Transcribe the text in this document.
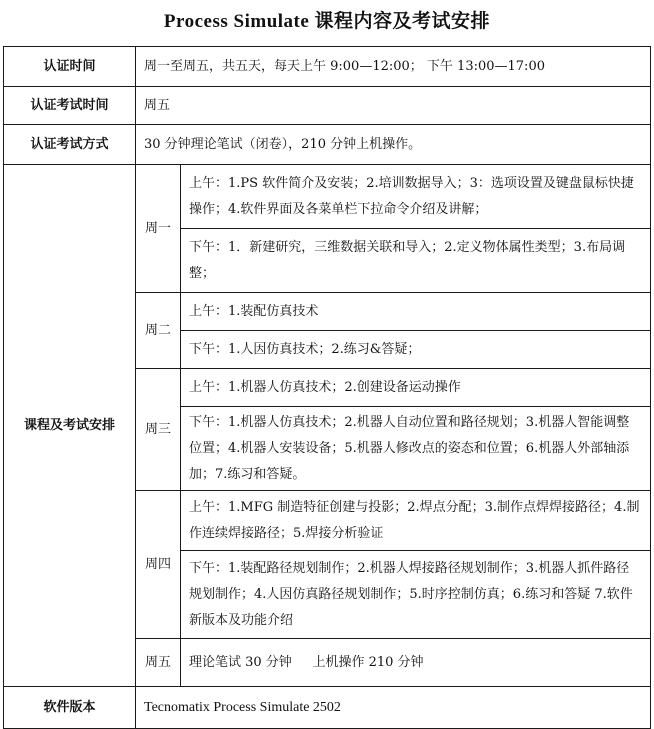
Process Simulate 课程内容及考试安排
认证时间	周一至周五，共五天，每天上午 9:00—12:00； 下午 13:00—17:00	
认证考试时间	周五	
认证考试方式	30 分钟理论笔试（闭卷），210 分钟上机操作。	
课程及考试安排	周一	上午：1.PS 软件简介及安装；2.培训数据导入；3：选项设置及键盘鼠标快捷操作；4.软件界面及各菜单栏下拉命令介绍及讲解；
		下午：1．新建研究，三维数据关联和导入；2.定义物体属性类型；3.布局调整；
	周二	上午：1.装配仿真技术
		下午：1.人因仿真技术；2.练习&答疑；
	周三	上午：1.机器人仿真技术；2.创建设备运动操作
		下午：1.机器人仿真技术；2.机器人自动位置和路径规划；3.机器人智能调整位置；4.机器人安装设备；5.机器人修改点的姿态和位置；6.机器人外部轴添加；7.练习和答疑。
	周四	上午：1.MFG 制造特征创建与投影；2.焊点分配；3.制作点焊焊接路径；4.制作连续焊接路径；5.焊接分析验证
		下午：1.装配路径规划制作；2.机器人焊接路径规划制作；3.机器人抓件路径规划制作；4.人因仿真路径规划制作；5.时序控制仿真；6.练习和答疑 7.软件新版本及功能介绍
	周五	理论笔试 30 分钟     上机操作 210 分钟
软件版本	Tecnomatix Process Simulate 2502	
